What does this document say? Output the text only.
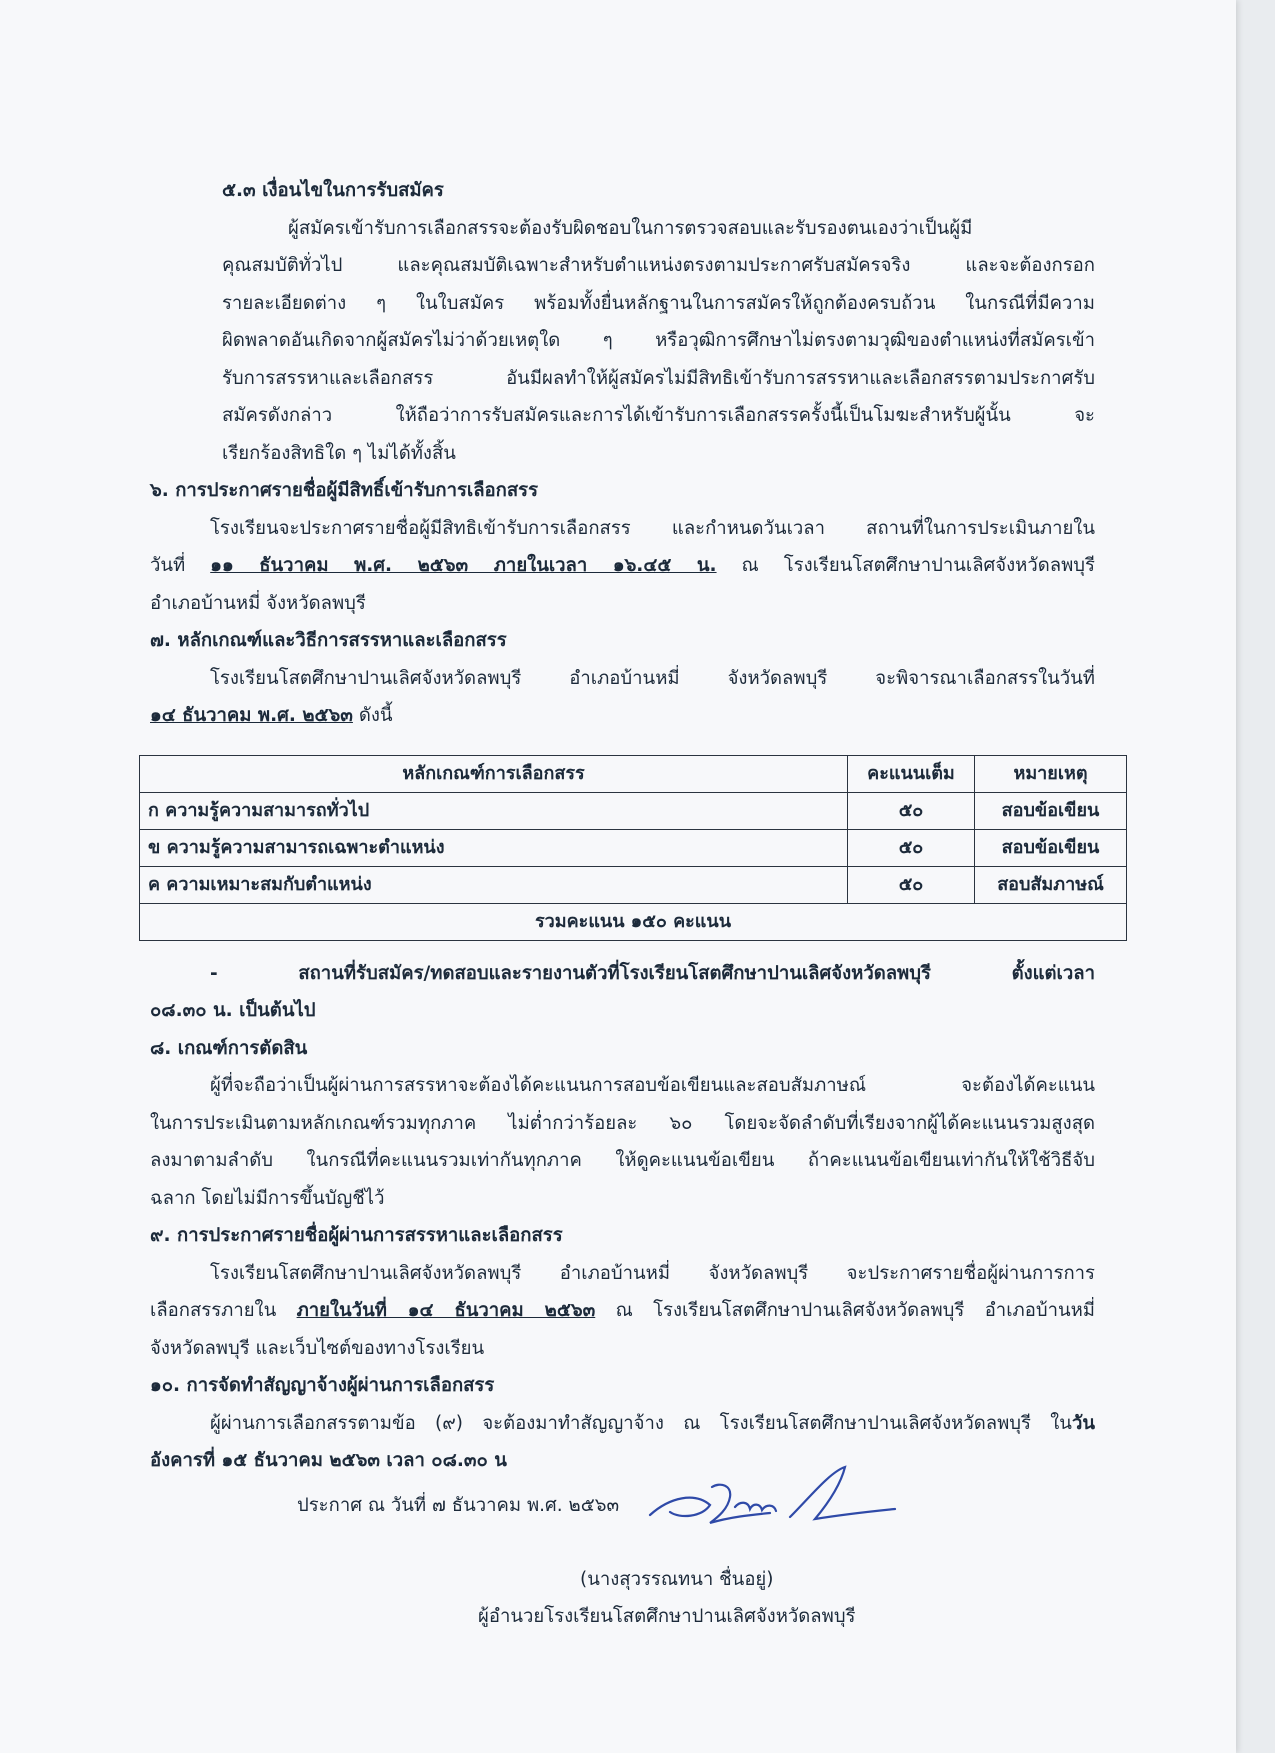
๕.๓ เงื่อนไขในการรับสมัคร

ผู้สมัครเข้ารับการเลือกสรรจะต้องรับผิดชอบในการตรวจสอบและรับรองตนเองว่าเป็นผู้มี

คุณสมบัติทั่วไป และคุณสมบัติเฉพาะสำหรับตำแหน่งตรงตามประกาศรับสมัครจริง และจะต้องกรอก

รายละเอียดต่าง ๆ ในใบสมัคร พร้อมทั้งยื่นหลักฐานในการสมัครให้ถูกต้องครบถ้วน ในกรณีที่มีความ

ผิดพลาดอันเกิดจากผู้สมัครไม่ว่าด้วยเหตุใด ๆ หรือวุฒิการศึกษาไม่ตรงตามวุฒิของตำแหน่งที่สมัครเข้า

รับการสรรหาและเลือกสรร อันมีผลทำให้ผู้สมัครไม่มีสิทธิเข้ารับการสรรหาและเลือกสรรตามประกาศรับ

สมัครดังกล่าว ให้ถือว่าการรับสมัครและการได้เข้ารับการเลือกสรรครั้งนี้เป็นโมฆะสำหรับผู้นั้น จะ

เรียกร้องสิทธิใด ๆ ไม่ได้ทั้งสิ้น

๖. การประกาศรายชื่อผู้มีสิทธิ์เข้ารับการเลือกสรร

โรงเรียนจะประกาศรายชื่อผู้มีสิทธิเข้ารับการเลือกสรร และกำหนดวันเวลา สถานที่ในการประเมินภายใน

วันที่ ๑๑ ธันวาคม พ.ศ. ๒๕๖๓ ภายในเวลา ๑๖.๔๕ น. ณ โรงเรียนโสตศึกษาปานเลิศจังหวัดลพบุรี

อำเภอบ้านหมี่ จังหวัดลพบุรี

๗. หลักเกณฑ์และวิธีการสรรหาและเลือกสรร

โรงเรียนโสตศึกษาปานเลิศจังหวัดลพบุรี อำเภอบ้านหมี่ จังหวัดลพบุรี จะพิจารณาเลือกสรรในวันที่

๑๔ ธันวาคม พ.ศ. ๒๕๖๓ ดังนี้

หลักเกณฑ์การเลือกสรร	คะแนนเต็ม	หมายเหตุ
ก ความรู้ความสามารถทั่วไป	๕๐	สอบข้อเขียน
ข ความรู้ความสามารถเฉพาะตำแหน่ง	๕๐	สอบข้อเขียน
ค ความเหมาะสมกับตำแหน่ง	๕๐	สอบสัมภาษณ์
รวมคะแนน ๑๕๐ คะแนน		

- สถานที่รับสมัคร/ทดสอบและรายงานตัวที่โรงเรียนโสตศึกษาปานเลิศจังหวัดลพบุรี ตั้งแต่เวลา

๐๘.๓๐ น. เป็นต้นไป

๘. เกณฑ์การตัดสิน

ผู้ที่จะถือว่าเป็นผู้ผ่านการสรรหาจะต้องได้คะแนนการสอบข้อเขียนและสอบสัมภาษณ์ จะต้องได้คะแนน

ในการประเมินตามหลักเกณฑ์รวมทุกภาค ไม่ต่ำกว่าร้อยละ ๖๐ โดยจะจัดลำดับที่เรียงจากผู้ได้คะแนนรวมสูงสุด

ลงมาตามลำดับ ในกรณีที่คะแนนรวมเท่ากันทุกภาค ให้ดูคะแนนข้อเขียน ถ้าคะแนนข้อเขียนเท่ากันให้ใช้วิธีจับ

ฉลาก โดยไม่มีการขึ้นบัญชีไว้

๙. การประกาศรายชื่อผู้ผ่านการสรรหาและเลือกสรร

โรงเรียนโสตศึกษาปานเลิศจังหวัดลพบุรี อำเภอบ้านหมี่ จังหวัดลพบุรี จะประกาศรายชื่อผู้ผ่านการการ

เลือกสรรภายใน ภายในวันที่ ๑๔ ธันวาคม ๒๕๖๓ ณ โรงเรียนโสตศึกษาปานเลิศจังหวัดลพบุรี อำเภอบ้านหมี่

จังหวัดลพบุรี และเว็บไซต์ของทางโรงเรียน

๑๐. การจัดทำสัญญาจ้างผู้ผ่านการเลือกสรร

ผู้ผ่านการเลือกสรรตามข้อ (๙) จะต้องมาทำสัญญาจ้าง ณ โรงเรียนโสตศึกษาปานเลิศจังหวัดลพบุรี ในวัน

อังคารที่ ๑๕ ธันวาคม ๒๕๖๓ เวลา ๐๘.๓๐ น

ประกาศ ณ วันที่ ๗ ธันวาคม พ.ศ. ๒๕๖๓
(นางสุวรรณทนา ชื่นอยู่)
ผู้อำนวยโรงเรียนโสตศึกษาปานเลิศจังหวัดลพบุรี
